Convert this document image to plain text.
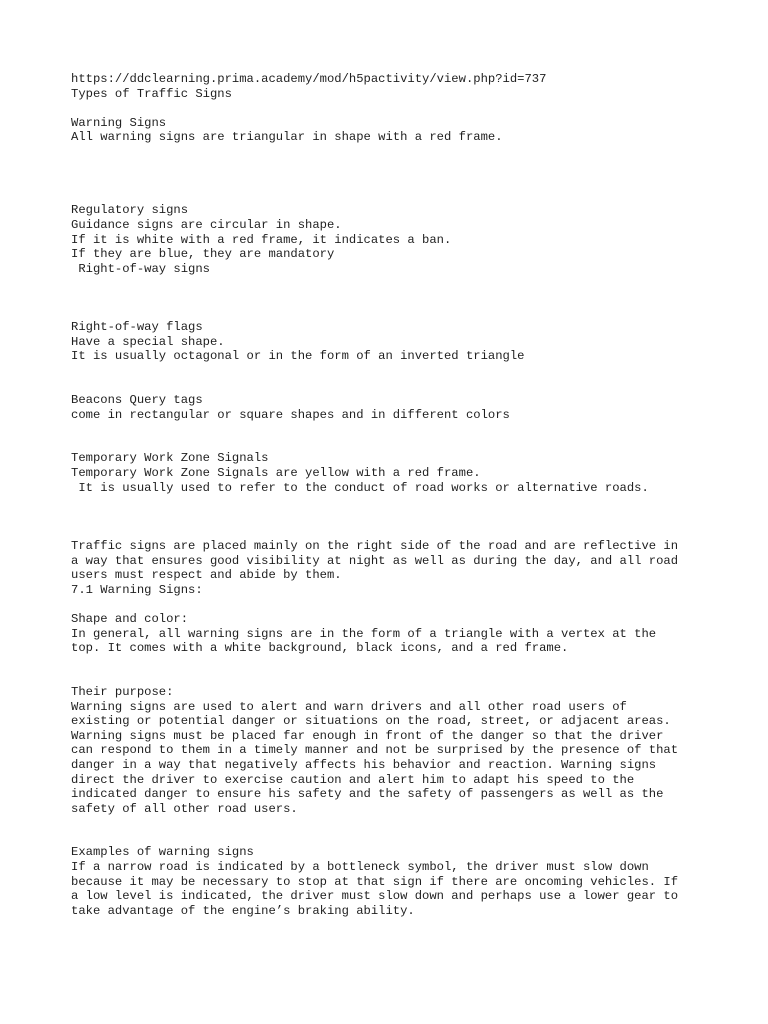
https://ddclearning.prima.academy/mod/h5pactivity/view.php?id=737
Types of Traffic Signs
Warning Signs
All warning signs are triangular in shape with a red frame.
Regulatory signs
Guidance signs are circular in shape.
If it is white with a red frame, it indicates a ban.
If they are blue, they are mandatory
Right-of-way signs
Right-of-way flags
Have a special shape.
It is usually octagonal or in the form of an inverted triangle
Beacons Query tags
come in rectangular or square shapes and in different colors
Temporary Work Zone Signals
Temporary Work Zone Signals are yellow with a red frame.
It is usually used to refer to the conduct of road works or alternative roads.
Traffic signs are placed mainly on the right side of the road and are reflective in
a way that ensures good visibility at night as well as during the day, and all road
users must respect and abide by them.
7.1 Warning Signs:
Shape and color:
In general, all warning signs are in the form of a triangle with a vertex at the
top. It comes with a white background, black icons, and a red frame.
Their purpose:
Warning signs are used to alert and warn drivers and all other road users of
existing or potential danger or situations on the road, street, or adjacent areas.
Warning signs must be placed far enough in front of the danger so that the driver
can respond to them in a timely manner and not be surprised by the presence of that
danger in a way that negatively affects his behavior and reaction. Warning signs
direct the driver to exercise caution and alert him to adapt his speed to the
indicated danger to ensure his safety and the safety of passengers as well as the
safety of all other road users.
Examples of warning signs
If a narrow road is indicated by a bottleneck symbol, the driver must slow down
because it may be necessary to stop at that sign if there are oncoming vehicles. If
a low level is indicated, the driver must slow down and perhaps use a lower gear to
take advantage of the engine’s braking ability.
